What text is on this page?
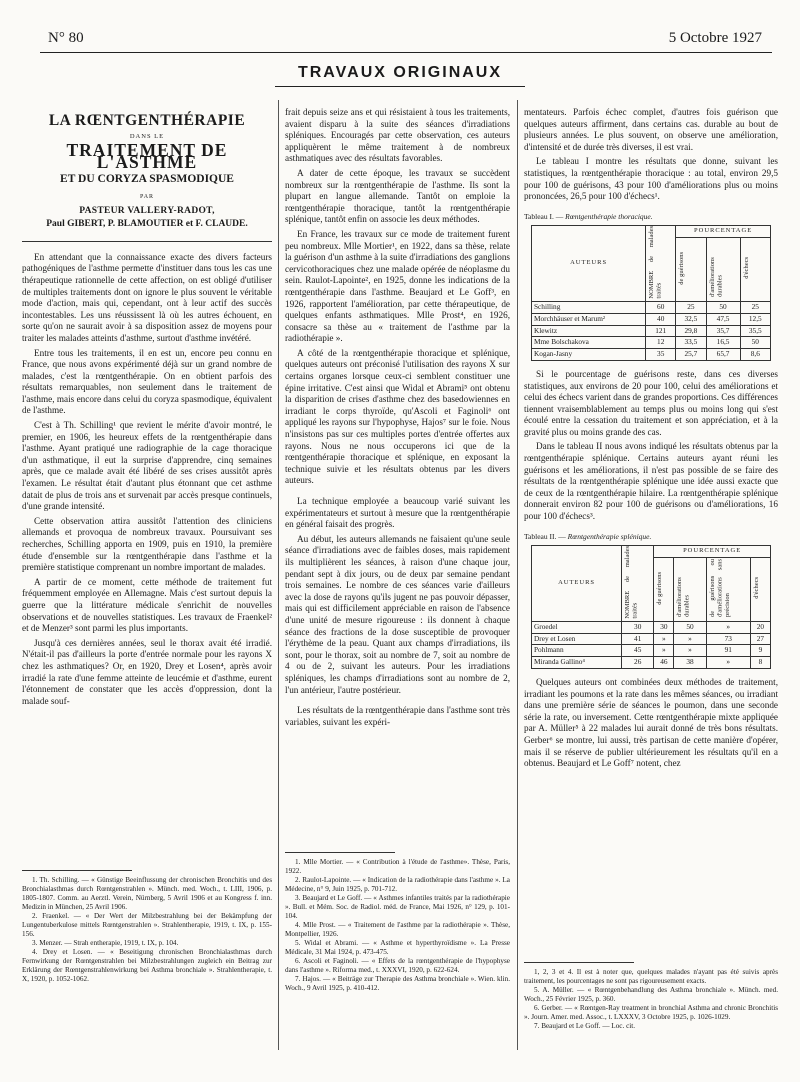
N° 80	5 Octobre 1927
TRAVAUX ORIGINAUX
LA RŒNTGENTHÉRAPIE
DANS LE
TRAITEMENT DE L'ASTHME
ET DU CORYZA SPASMODIQUE
PAR
PASTEUR VALLERY-RADOT,
Paul GIBERT, P. BLAMOUTIER et F. CLAUDE.

En attendant que la connaissance exacte des divers facteurs pathogéniques de l'asthme permette d'instituer dans tous les cas une thérapeutique rationnelle de cette affection, on est obligé d'utiliser de multiples traitements dont on ignore le plus souvent le véritable mode d'action, mais qui, cependant, ont à leur actif des succès incontestables. Les uns réussissent là où les autres échouent, en sorte qu'on ne saurait avoir à sa disposition assez de moyens pour traiter les malades atteints d'asthme, surtout d'asthme invétéré.

Entre tous les traitements, il en est un, encore peu connu en France, que nous avons expérimenté déjà sur un grand nombre de malades, c'est la rœntgenthérapie. On en obtient parfois des résultats remarquables, non seulement dans le traitement de l'asthme, mais encore dans celui du coryza spasmodique, équivalent de l'asthme.

C'est à Th. Schilling¹ que revient le mérite d'avoir montré, le premier, en 1906, les heureux effets de la rœntgenthérapie dans l'asthme. Ayant pratiqué une radiographie de la cage thoracique d'un asthmatique, il eut la surprise d'apprendre, cinq semaines après, que ce malade avait été libéré de ses crises aussitôt après l'examen. Le résultat était d'autant plus étonnant que cet asthme datait de plus de trois ans et survenait par accès presque continuels, d'une grande intensité.

Cette observation attira aussitôt l'attention des cliniciens allemands et provoqua de nombreux travaux. Poursuivant ses recherches, Schilling apporta en 1909, puis en 1910, la première étude d'ensemble sur la rœntgenthérapie dans l'asthme et la première statistique comprenant un nombre important de malades.

A partir de ce moment, cette méthode de traitement fut fréquemment employée en Allemagne. Mais c'est surtout depuis la guerre que la littérature médicale s'enrichit de nouvelles observations et de nouvelles statistiques. Les travaux de Fraenkel² et de Menzer³ sont parmi les plus importants.

Jusqu'à ces dernières années, seul le thorax avait été irradié. N'était-il pas d'ailleurs la porte d'entrée normale pour les rayons X chez les asthmatiques? Or, en 1920, Drey et Losen⁴, après avoir irradié la rate d'une femme atteinte de leucémie et d'asthme, eurent l'étonnement de constater que les accès d'oppression, dont la malade souf-

1. Th. Schilling. — « Günstige Beeinflussung der chronischen Bronchitis und des Bronchialasthmas durch Rœntgenstrahlen ». Münch. med. Woch., t. LIII, 1906, p. 1805-1807. Comm. au Aerztl. Verein, Nürnberg, 5 Avril 1906 et au Kongress f. inn. Medizin in München, 25 Avril 1906.

2. Fraenkel. — « Der Wert der Milzbestrahlung bei der Bekämpfung der Lungentuberkulose mittels Rœntgenstrahlen ». Strahlentherapie, 1919, t. IX, p. 155-156.

3. Menzer. — Strah entherapie, 1919, t. IX, p. 104.

4. Drey et Losen. — « Beseitigung chronischen Bronchialasthmas durch Fernwirkung der Rœntgenstrahlen bei Milzbestrahlungen zugleich ein Beitrag zur Erklärung der Rœntgenstrahlenwirkung bei Asthma bronchiale ». Strahlentherapie, t. X, 1920, p. 1052-1062.

frait depuis seize ans et qui résistaient à tous les traitements, avaient disparu à la suite des séances d'irradiations spléniques. Encouragés par cette observation, ces auteurs appliquèrent le même traitement à de nombreux asthmatiques avec des résultats favorables.

A dater de cette époque, les travaux se succèdent nombreux sur la rœntgenthérapie de l'asthme. Ils sont la plupart en langue allemande. Tantôt on emploie la rœntgenthérapie thoracique, tantôt la rœntgenthérapie splénique, tantôt enfin on associe les deux méthodes.

En France, les travaux sur ce mode de traitement furent peu nombreux. Mlle Mortier¹, en 1922, dans sa thèse, relate la guérison d'un asthme à la suite d'irradiations des ganglions cervicothoraciques chez une malade opérée de néoplasme du sein. Raulot-Lapointe², en 1925, donne les indications de la rœntgenthérapie dans l'asthme. Beaujard et Le Goff³, en 1926, rapportent l'amélioration, par cette thérapeutique, de quelques enfants asthmatiques. Mlle Prost⁴, en 1926, consacre sa thèse au « traitement de l'asthme par la radiothérapie ».

A côté de la rœntgenthérapie thoracique et splénique, quelques auteurs ont préconisé l'utilisation des rayons X sur certains organes lorsque ceux-ci semblent constituer une épine irritative. C'est ainsi que Widal et Abrami⁵ ont obtenu la disparition de crises d'asthme chez des basedowiennes en irradiant le corps thyroïde, qu'Ascoli et Faginoli⁶ ont appliqué les rayons sur l'hypophyse, Hajos⁷ sur le foie. Nous n'insistons pas sur ces multiples portes d'entrée offertes aux rayons. Nous ne nous occuperons ici que de la rœntgenthérapie thoracique et splénique, en exposant la technique suivie et les résultats obtenus par les divers auteurs.

La technique employée a beaucoup varié suivant les expérimentateurs et surtout à mesure que la rœntgenthérapie en général faisait des progrès.

Au début, les auteurs allemands ne faisaient qu'une seule séance d'irradiations avec de faibles doses, mais rapidement ils multiplièrent les séances, à raison d'une chaque jour, pendant sept à dix jours, ou de deux par semaine pendant trois semaines. Le nombre de ces séances varie d'ailleurs avec la dose de rayons qu'ils jugent ne pas pouvoir dépasser, mais qui est difficilement appréciable en raison de l'absence d'une unité de mesure rigoureuse : ils donnent à chaque séance des fractions de la dose susceptible de provoquer l'érythème de la peau. Quant aux champs d'irradiations, ils sont, pour le thorax, soit au nombre de 7, soit au nombre de 4 ou de 2, suivant les auteurs. Pour les irradiations spléniques, les champs d'irradiations sont au nombre de 2, l'un antérieur, l'autre postérieur.

Les résultats de la rœntgenthérapie dans l'asthme sont très variables, suivant les expéri-

1. Mlle Mortier. — « Contribution à l'étude de l'asthme». Thèse, Paris, 1922.

2. Raulot-Lapointe. — « Indication de la radiothérapie dans l'asthme ». La Médecine, n° 9, Juin 1925, p. 701-712.

3. Beaujard et Le Goff. — « Asthmes infantiles traités par la radiothérapie ». Bull. et Mém. Soc. de Radiol. méd. de France, Mai 1926, n° 129, p. 101-104.

4. Mlle Prost. — « Traitement de l'asthme par la radiothérapie ». Thèse, Montpellier, 1926.

5. Widal et Abrami. — « Asthme et hyperthyroïdisme ». La Presse Médicale, 31 Mai 1924, p. 473-475.

6. Ascoli et Faginoli. — « Effets de la rœntgenthérapie de l'hypophyse dans l'asthme ». Riforma med., t. XXXVI, 1920, p. 622-624.

7. Hajos. — « Beiträge zur Therapie des Asthma bronchiale ». Wien. klin. Woch., 9 Avril 1925, p. 410-412.

mentateurs. Parfois échec complet, d'autres fois guérison que quelques auteurs affirment, dans certains cas. durable au bout de plusieurs années. Le plus souvent, on observe une amélioration, d'intensité et de durée très diverses, il est vrai.

Le tableau I montre les résultats que donne, suivant les statistiques, la rœntgenthérapie thoracique : au total, environ 29,5 pour 100 de guérisons, 43 pour 100 d'améliorations plus ou moins prononcées, 26,5 pour 100 d'échecs¹.

Tableau I. — Rœntgenthérapie thoracique.
AUTEURS	NOMBRE de malades traités	POURCENTAGE		
		de guérisons	d'améliorations durables	d'échecs
Schilling	60	25	50	25
Morchhäuser et Marum²	40	32,5	47,5	12,5
Klewitz	121	29,8	35,7	35,5
Mme Bolschakova	12	33,5	16,5	50
Kogan-Jasny	35	25,7	65,7	8,6

Si le pourcentage de guérisons reste, dans ces diverses statistiques, aux environs de 20 pour 100, celui des améliorations et celui des échecs varient dans de grandes proportions. Ces différences tiennent vraisemblablement au temps plus ou moins long qui s'est écoulé entre la cessation du traitement et son appréciation, et à la gravité plus ou moins grande des cas.

Dans le tableau II nous avons indiqué les résultats obtenus par la rœntgenthérapie splénique. Certains auteurs ayant réuni les guérisons et les améliorations, il n'est pas possible de se faire des résultats de la rœntgenthérapie splénique une idée aussi exacte que de ceux de la rœntgenthérapie hilaire. La rœntgenthérapie splénique donnerait environ 82 pour 100 de guérisons ou d'améliorations, 16 pour 100 d'échecs³.

Tableau II. — Rœntgenthérapie splénique.
AUTEURS	NOMBRE de malades traités	POURCENTAGE			
		de guérisons	d'améliorations durables	de guérisons ou d'améliorations sans précision	d'échecs
Groedel	30	30	50	»	20
Drey et Losen	41	»	»	73	27
Pohlmann	45	»	»	91	9
Miranda Gallino⁴	26	46	38	»	8

Quelques auteurs ont combinées deux méthodes de traitement, irradiant les poumons et la rate dans les mêmes séances, ou irradiant dans une première série de séances le poumon, dans une seconde série la rate, ou inversement. Cette rœntgenthérapie mixte appliquée par A. Müller⁵ à 22 malades lui aurait donné de très bons résultats. Gerber⁶ se montre, lui aussi, très partisan de cette manière d'opérer, mais il se réserve de publier ultérieurement les résultats qu'il en a obtenus. Beaujard et Le Goff⁷ notent, chez

1, 2, 3 et 4. Il est à noter que, quelques malades n'ayant pas été suivis après traitement, les pourcentages ne sont pas rigoureusement exacts.

5. A. Müller. — « Rœntgenbehandlung des Asthma bronchiale ». Münch. med. Woch., 25 Février 1925, p. 360.

6. Gerber. — « Rœntgen-Ray treatment in bronchial Asthma and chronic Bronchitis ». Journ. Amer. med. Assoc., t. LXXXV, 3 Octobre 1925, p. 1026-1029.

7. Beaujard et Le Goff. — Loc. cit.
